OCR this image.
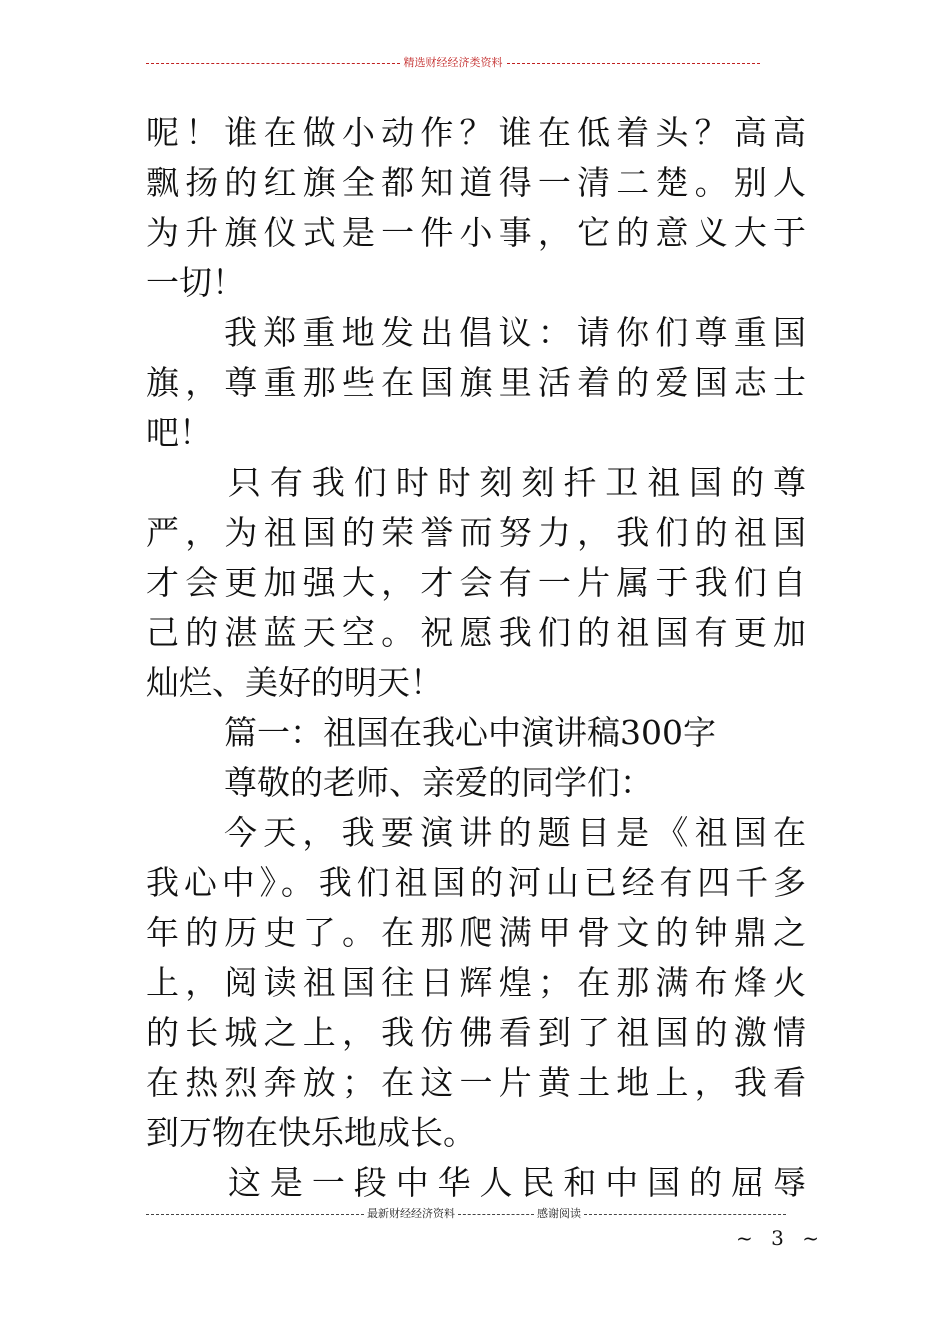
精选财经经济类资料
呢！谁在做小动作？谁在低着头？高高
飘扬的红旗全都知道得一清二楚。别人
为升旗仪式是一件小事，它的意义大于
一切！
我郑重地发出倡议：请你们尊重国
旗，尊重那些在国旗里活着的爱国志士
吧！
只有我们时时刻刻扦卫祖国的尊
严，为祖国的荣誉而努力，我们的祖国
才会更加强大，才会有一片属于我们自
己的湛蓝天空。祝愿我们的祖国有更加
灿烂、美好的明天！
篇一：祖国在我心中演讲稿300字
尊敬的老师、亲爱的同学们：
今天，我要演讲的题目是《祖国在
我心中》。我们祖国的河山已经有四千多
年的历史了。在那爬满甲骨文的钟鼎之
上，阅读祖国往日辉煌；在那满布烽火
的长城之上，我仿佛看到了祖国的激情
在热烈奔放；在这一片黄土地上，我看
到万物在快乐地成长。
这是一段中华人民和中国的屈辱
最新财经经济资料	感谢阅读
~ 3 ~
